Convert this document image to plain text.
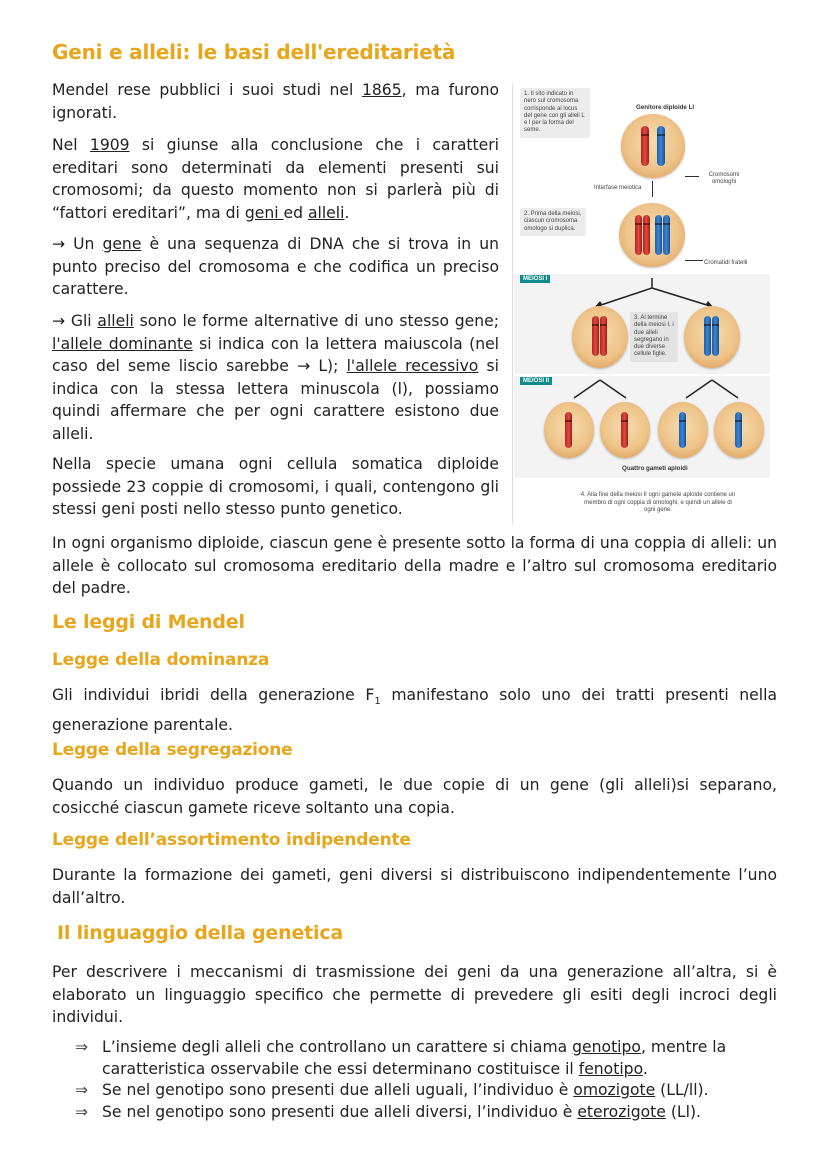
Geni e alleli: le basi dell'ereditarietà
Mendel rese pubblici i suoi studi nel 1865, ma furono ignorati.
Nel 1909 si giunse alla conclusione che i caratteri ereditari sono determinati da elementi presenti sui cromosomi; da questo momento non si parlerà più di “fattori ereditari”, ma di geni ed alleli.
→ Un gene è una sequenza di DNA che si trova in un punto preciso del cromosoma e che codifica un preciso carattere.
→ Gli alleli sono le forme alternative di uno stesso gene; l'allele dominante si indica con la lettera maiuscola (nel caso del seme liscio sarebbe → L); l'allele recessivo si indica con la stessa lettera minuscola (l), possiamo quindi affermare che per ogni carattere esistono due alleli.
Nella specie umana ogni cellula somatica diploide possiede 23 coppie di cromosomi, i quali, contengono gli stessi geni posti nello stesso punto genetico.
In ogni organismo diploide, ciascun gene è presente sotto la forma di una coppia di alleli: un allele è collocato sul cromosoma ereditario della madre e l’altro sul cromosoma ereditario del padre.
1. Il sito indicato in nero sul cromosoma corrisponde al locus del gene con gli alleli L e l per la forma del seme.
Genitore diploide Ll
L l
Cromosomi omologhi
Interfase meiotica
2. Prima della meiosi, ciascun cromosoma omologo si duplica.
Cromatidi fratelli
MEIOSI I
3. Al termine della meiosi I, i due alleli segregano in due diverse cellule figlie.
MEIOSI II
Quattro gameti aploidi
4. Alla fine della meiosi II ogni gamete aploide contiene un membro di ogni coppia di omologhi, e quindi un allele di ogni gene.
Le leggi di Mendel
Legge della dominanza
Gli individui ibridi della generazione $F_1$ manifestano solo uno dei tratti presenti nella generazione parentale.
Legge della segregazione
Quando un individuo produce gameti, le due copie di un gene (gli alleli)si separano, cosicché ciascun gamete riceve soltanto una copia.
Legge dell’assortimento indipendente
Durante la formazione dei gameti, geni diversi si distribuiscono indipendentemente l’uno dall’altro.
Il linguaggio della genetica
Per descrivere i meccanismi di trasmissione dei geni da una generazione all’altra, si è elaborato un linguaggio specifico che permette di prevedere gli esiti degli incroci degli individui.
⇒ L’insieme degli alleli che controllano un carattere si chiama genotipo, mentre la caratteristica osservabile che essi determinano costituisce il fenotipo.
⇒ Se nel genotipo sono presenti due alleli uguali, l’individuo è omozigote (LL/ll).
⇒ Se nel genotipo sono presenti due alleli diversi, l’individuo è eterozigote (Ll).
